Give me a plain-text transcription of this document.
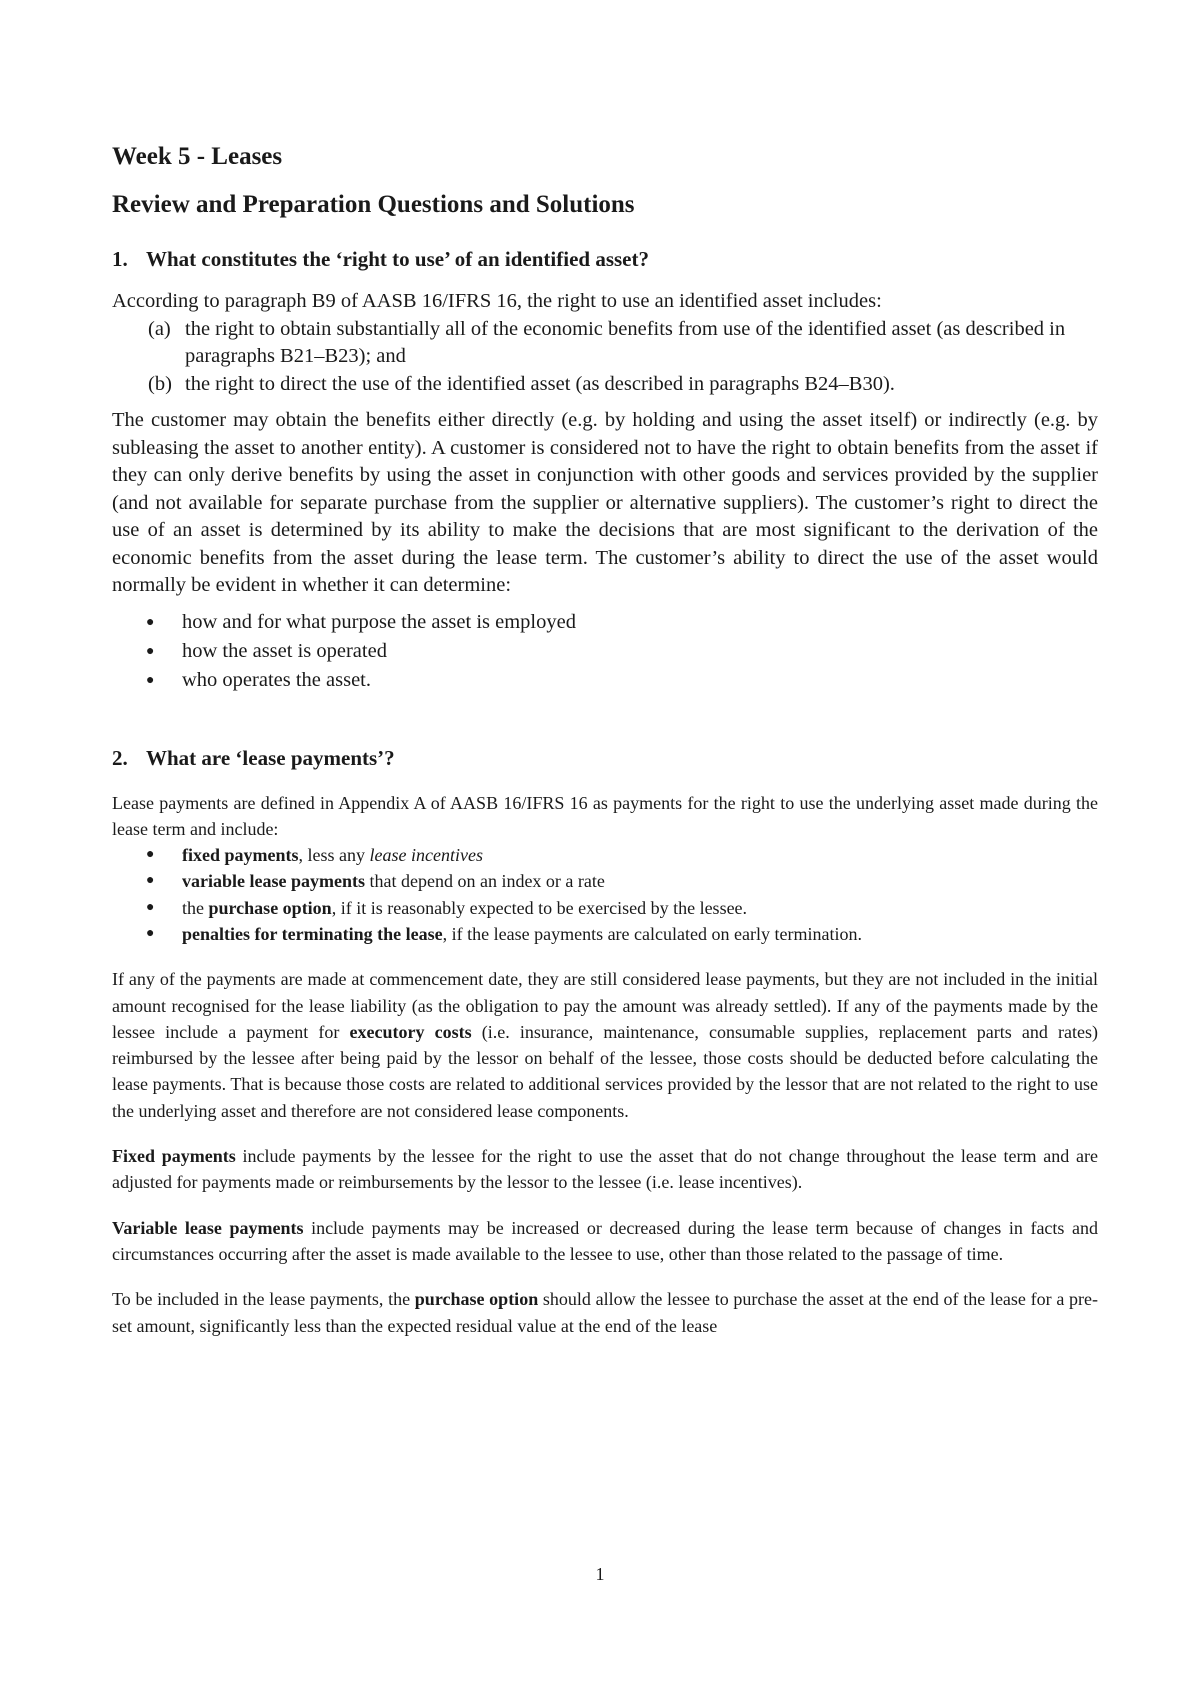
Week 5 - Leases
Review and Preparation Questions and Solutions
1. What constitutes the ‘right to use’ of an identified asset?

According to paragraph B9 of AASB 16/IFRS 16, the right to use an identified asset includes:

(a) the right to obtain substantially all of the economic benefits from use of the identified asset (as described in paragraphs B21–B23); and
(b) the right to direct the use of the identified asset (as described in paragraphs B24–B30).

The customer may obtain the benefits either directly (e.g. by holding and using the asset itself) or indirectly (e.g. by subleasing the asset to another entity). A customer is considered not to have the right to obtain benefits from the asset if they can only derive benefits by using the asset in conjunction with other goods and services provided by the supplier (and not available for separate purchase from the supplier or alternative suppliers). The customer’s right to direct the use of an asset is determined by its ability to make the decisions that are most significant to the derivation of the economic benefits from the asset during the lease term. The customer’s ability to direct the use of the asset would normally be evident in whether it can determine:

● how and for what purpose the asset is employed
● how the asset is operated
● who operates the asset.
2. What are ‘lease payments’?

Lease payments are defined in Appendix A of AASB 16/IFRS 16 as payments for the right to use the underlying asset made during the lease term and include:

● fixed payments, less any lease incentives
● variable lease payments that depend on an index or a rate
● the purchase option, if it is reasonably expected to be exercised by the lessee.
● penalties for terminating the lease, if the lease payments are calculated on early termination.

If any of the payments are made at commencement date, they are still considered lease payments, but they are not included in the initial amount recognised for the lease liability (as the obligation to pay the amount was already settled). If any of the payments made by the lessee include a payment for executory costs (i.e. insurance, maintenance, consumable supplies, replacement parts and rates) reimbursed by the lessee after being paid by the lessor on behalf of the lessee, those costs should be deducted before calculating the lease payments. That is because those costs are related to additional services provided by the lessor that are not related to the right to use the underlying asset and therefore are not considered lease components.

Fixed payments include payments by the lessee for the right to use the asset that do not change throughout the lease term and are adjusted for payments made or reimbursements by the lessor to the lessee (i.e. lease incentives).

Variable lease payments include payments may be increased or decreased during the lease term because of changes in facts and circumstances occurring after the asset is made available to the lessee to use, other than those related to the passage of time.

To be included in the lease payments, the purchase option should allow the lessee to purchase the asset at the end of the lease for a pre-set amount, significantly less than the expected residual value at the end of the lease

1
